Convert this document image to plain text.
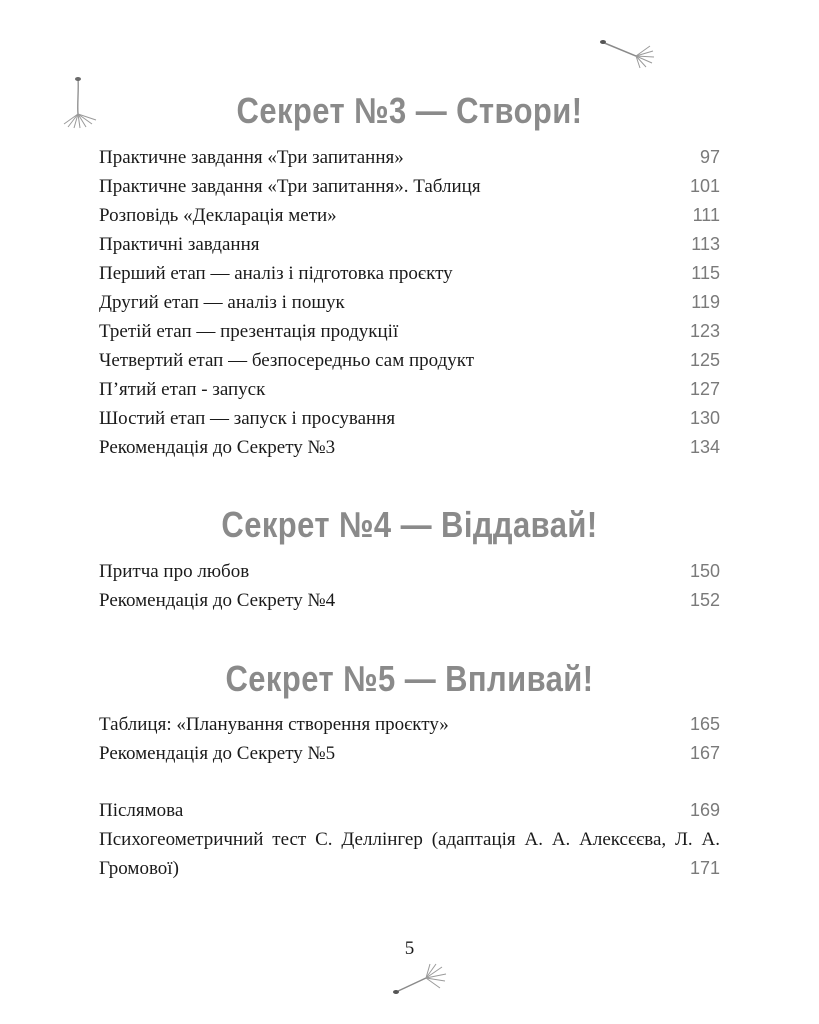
Секрет №3 — Створи!
Практичне завдання «Три запитання»	97
Практичне завдання «Три запитання». Таблиця	101
Розповідь «Декларація мети»	111
Практичні завдання	113
Перший етап — аналіз і підготовка проєкту	115
Другий етап — аналіз і пошук	119
Третій етап — презентація продукції	123
Четвертий етап — безпосередньо сам продукт	125
П’ятий етап - запуск	127
Шостий етап — запуск і просування	130
Рекомендація до Секрету №3	134
Секрет №4 — Віддавай!
Притча про любов	150
Рекомендація до Секрету №4	152
Секрет №5 — Впливай!
Таблиця: «Планування створення проєкту»	165
Рекомендація до Секрету №5	167
Післямова	169
Психогеометричний тест С. Деллінгер (адаптація А. А. Алексєєва, Л. А. Громової)	171
5
